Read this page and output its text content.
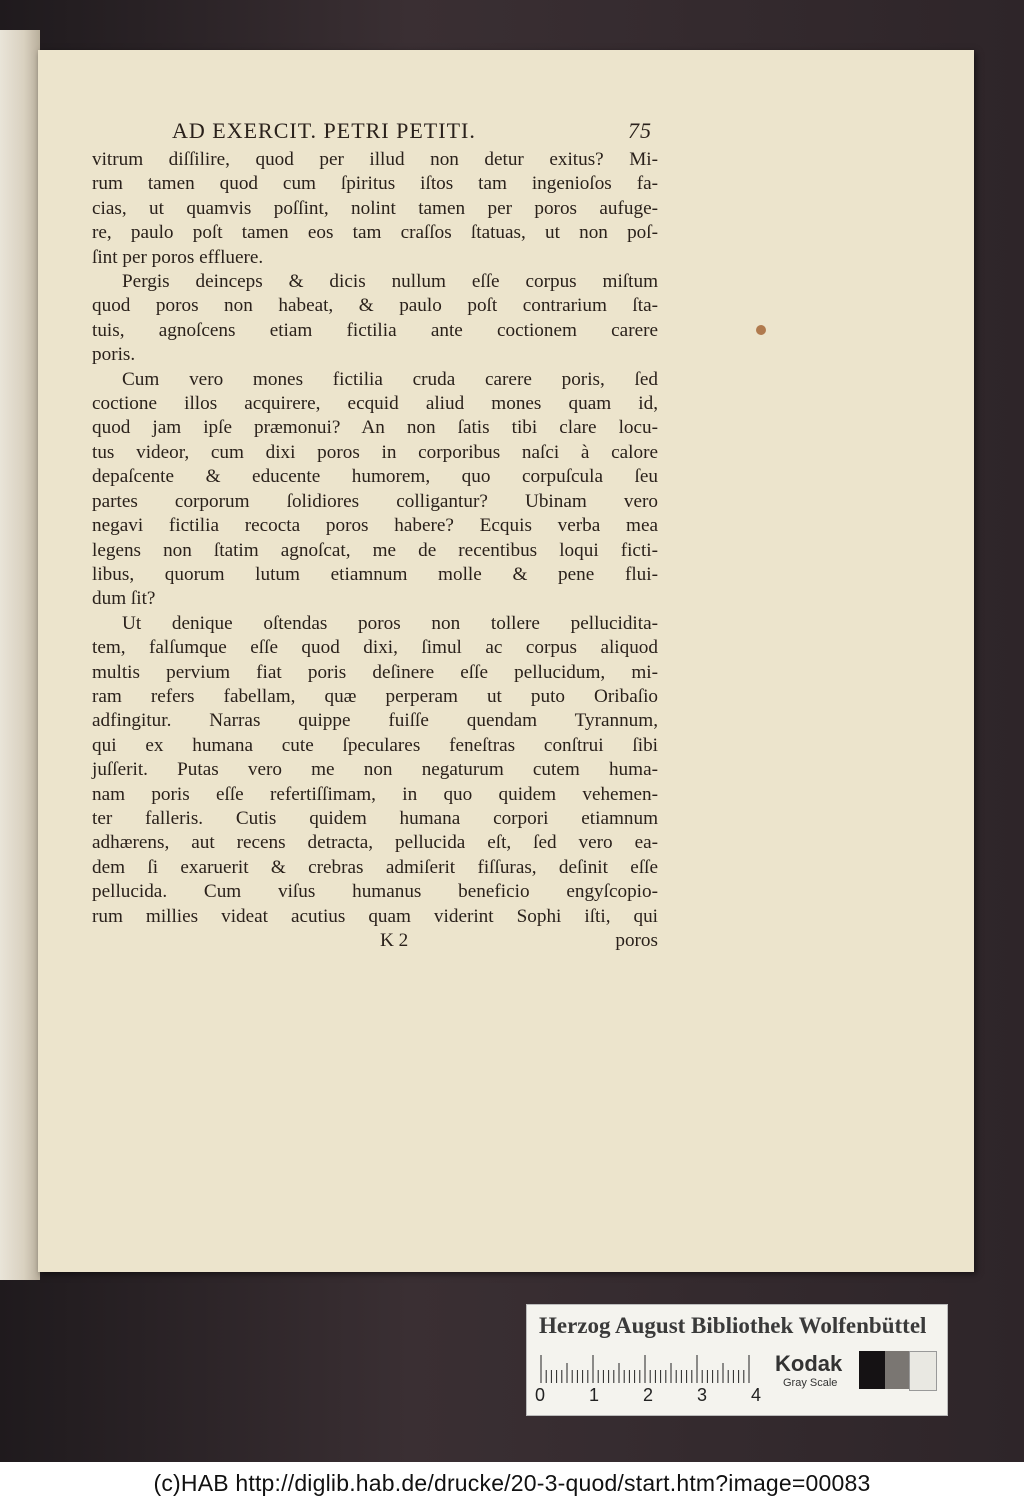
AD EXERCIT. PETRI PETITI.	75
vitrum diſſilire, quod per illud non detur exitus? Mi-
rum tamen quod cum ſpiritus iſtos tam ingenioſos fa-
cias, ut quamvis poſſint, nolint tamen per poros aufuge-
re, paulo poſt tamen eos tam craſſos ſtatuas, ut non poſ-
ſint per poros effluere.
Pergis deinceps & dicis nullum eſſe corpus miſtum
quod poros non habeat, & paulo poſt contrarium ſta-
tuis, agnoſcens etiam fictilia ante coctionem carere
poris.
Cum vero mones fictilia cruda carere poris, ſed
coctione illos acquirere, ecquid aliud mones quam id,
quod jam ipſe præmonui? An non ſatis tibi clare locu-
tus videor, cum dixi poros in corporibus naſci à calore
depaſcente & educente humorem, quo corpuſcula ſeu
partes corporum ſolidiores colligantur? Ubinam vero
negavi fictilia recocta poros habere? Ecquis verba mea
legens non ſtatim agnoſcat, me de recentibus loqui ficti-
libus, quorum lutum etiamnum molle & pene flui-
dum ſit?
Ut denique oſtendas poros non tollere pelluciditа-
tem, falſumque eſſe quod dixi, ſimul ac corpus aliquod
multis pervium fiat poris deſinere eſſe pellucidum, mi-
ram refers fabellam, quæ perperam ut puto Oribaſio
adfingitur. Narras quippe fuiſſe quendam Tyrannum,
qui ex humana cute ſpeculares feneſtras conſtrui ſibi
juſſerit. Putas vero me non negaturum cutem huma-
nam poris eſſe refertiſſimam, in quo quidem vehemen-
ter falleris. Cutis quidem humana corpori etiamnum
adhærens, aut recens detracta, pellucida eſt, ſed vero ea-
dem ſi exaruerit & crebras admiſerit fiſſuras, deſinit eſſe
pellucida. Cum viſus humanus beneficio engyſcopio-
rum millies videat acutius quam viderint Sophi iſti, qui
K 2	poros
Herzog August Bibliothek Wolfenbüttel
0 1 2 3 4
Kodak
Gray Scale
(c)HAB http://diglib.hab.de/drucke/20-3-quod/start.htm?image=00083
